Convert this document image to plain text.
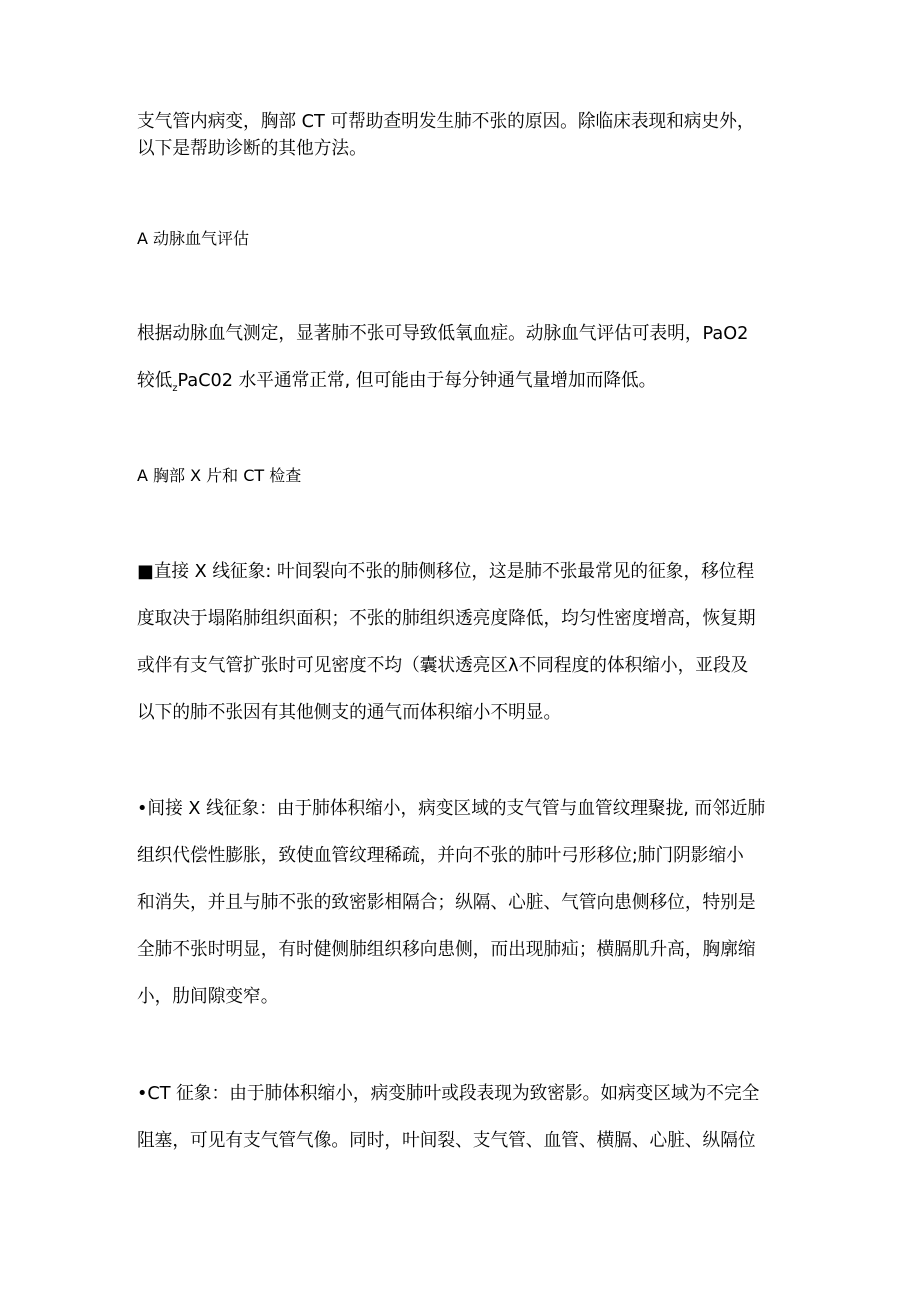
支气管内病变，胸部 CT 可帮助查明发生肺不张的原因。除临床表现和病史外，
以下是帮助诊断的其他方法。
A 动脉血气评估
根据动脉血气测定，显著肺不张可导致低氧血症。动脉血气评估可表明，PaO2
较低$_z$PaC02 水平通常正常, 但可能由于每分钟通气量增加而降低。
A 胸部 X 片和 CT 检查
■直接 X 线征象: 叶间裂向不张的肺侧移位，这是肺不张最常见的征象，移位程
度取决于塌陷肺组织面积；不张的肺组织透亮度降低，均匀性密度增高，恢复期
或伴有支气管扩张时可见密度不均（囊状透亮区λ不同程度的体积缩小，亚段及
以下的肺不张因有其他侧支的通气而体积缩小不明显。
•间接 X 线征象：由于肺体积缩小，病变区域的支气管与血管纹理聚拢, 而邻近肺
组织代偿性膨胀，致使血管纹理稀疏，并向不张的肺叶弓形移位;肺门阴影缩小
和消失，并且与肺不张的致密影相隔合；纵隔、心脏、气管向患侧移位，特别是
全肺不张时明显，有时健侧肺组织移向患侧，而出现肺疝；横膈肌升高，胸廓缩
小，肋间隙变窄。
•CT 征象：由于肺体积缩小，病变肺叶或段表现为致密影。如病变区域为不完全
阻塞，可见有支气管气像。同时，叶间裂、支气管、血管、横膈、心脏、纵隔位
